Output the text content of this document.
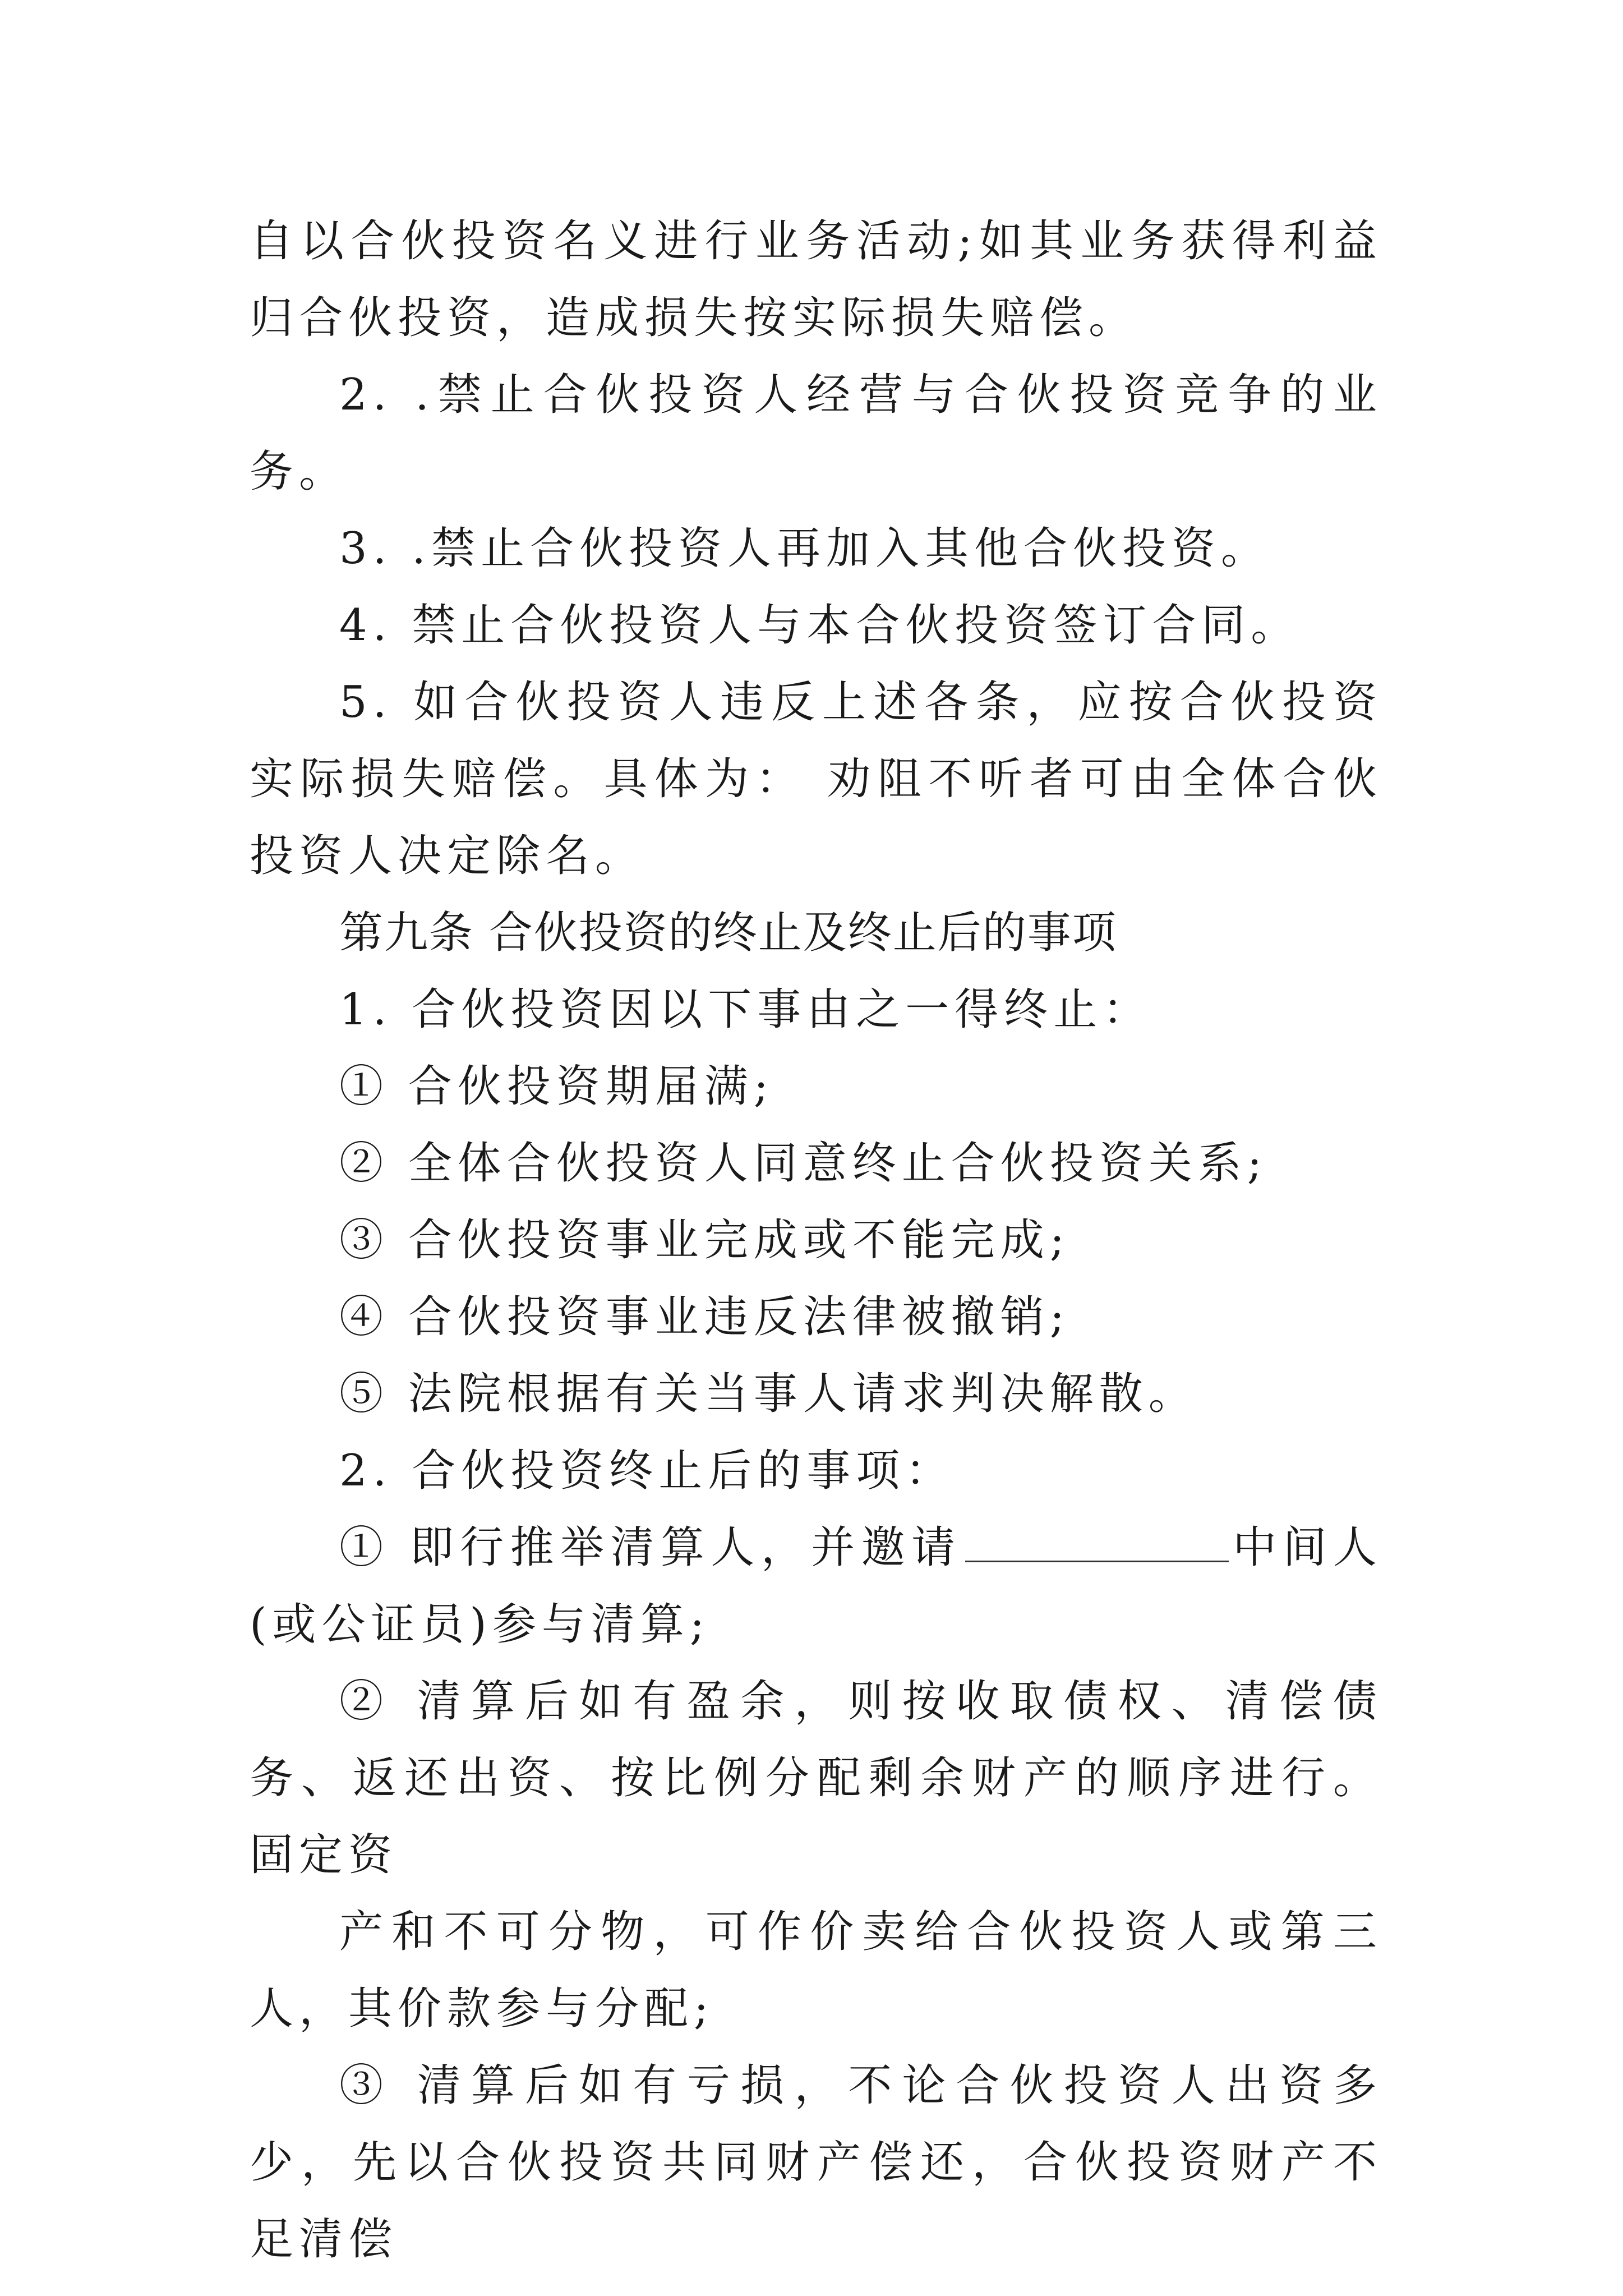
自以合伙投资名义进行业务活动;如其业务获得利益归合伙投资，造成损失按实际损失赔偿。

2. .禁止合伙投资人经营与合伙投资竞争的业务。

3. .禁止合伙投资人再加入其他合伙投资。

4. 禁止合伙投资人与本合伙投资签订合同。

5. 如合伙投资人违反上述各条，应按合伙投资实际损失赔偿。具体为： 劝阻不听者可由全体合伙投资人决定除名。

第九条 合伙投资的终止及终止后的事项

1. 合伙投资因以下事由之一得终止：

① 合伙投资期届满;

② 全体合伙投资人同意终止合伙投资关系;

③ 合伙投资事业完成或不能完成;

④ 合伙投资事业违反法律被撤销;

⑤ 法院根据有关当事人请求判决解散。

2. 合伙投资终止后的事项：

① 即行推举清算人，并邀请	中间人(或公证员)参与清算;

② 清算后如有盈余，则按收取债权、清偿债务、返还出资、按比例分配剩余财产的顺序进行。固定资

产和不可分物，可作价卖给合伙投资人或第三人，其价款参与分配;

③ 清算后如有亏损，不论合伙投资人出资多少，先以合伙投资共同财产偿还，合伙投资财产不足清偿
